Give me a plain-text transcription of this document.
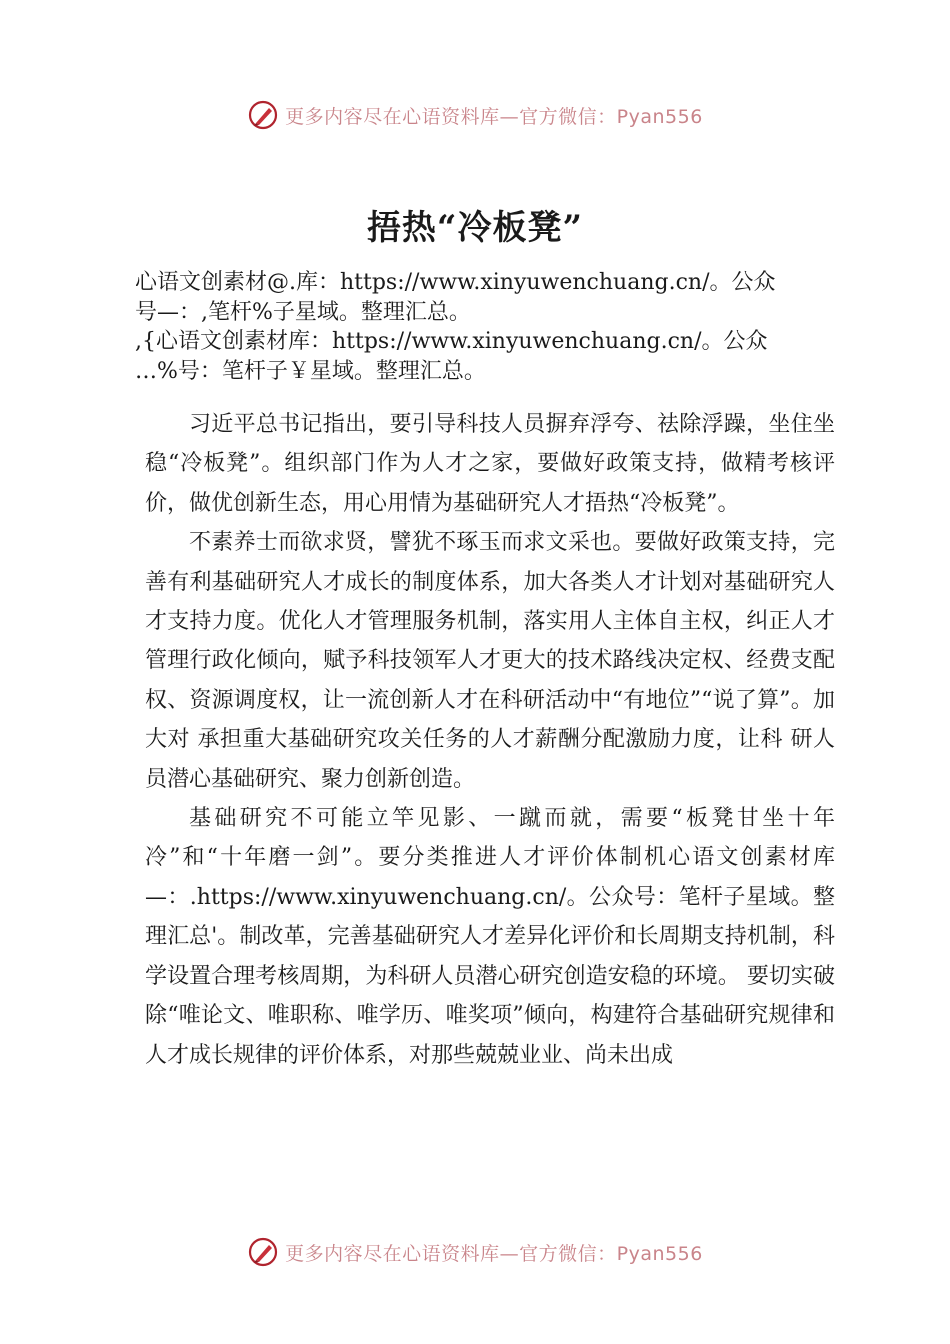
更多内容尽在心语资料库—官方微信：Pyan556
捂热“冷板凳”
心语文创素材@.库：https://www.xinyuwenchuang.cn/。公众
号—：,笔杆%子星域。整理汇总。
,{心语文创素材库：https://www.xinyuwenchuang.cn/。公众
…%号：笔杆子￥星域。整理汇总。

习近平总书记指出，要引导科技人员摒弃浮夸、祛除浮躁，坐住坐稳“冷板凳”。组织部门作为人才之家，要做好政策支持，做精考核评价，做优创新生态，用心用情为基础研究人才捂热“冷板凳”。

不素养士而欲求贤，譬犹不琢玉而求文采也。要做好政策支持，完善有利基础研究人才成长的制度体系，加大各类人才计划对基础研究人才支持力度。优化人才管理服务机制，落实用人主体自主权，纠正人才管理行政化倾向，赋予科技领军人才更大的技术路线决定权、经费支配权、资源调度权，让一流创新人才在科研活动中“有地位”“说了算”。加大对 承担重大基础研究攻关任务的人才薪酬分配激励力度，让科 研人员潜心基础研究、聚力创新创造。

基础研究不可能立竿见影、一蹴而就，需要“板凳甘坐十年冷”和“十年磨一剑”。要分类推进人才评价体制机心语文创素材库—：.https://www.xinyuwenchuang.cn/。公众号：笔杆子星域。整理汇总'。制改革，完善基础研究人才差异化评价和长周期支持机制，科学设置合理考核周期，为科研人员潜心研究创造安稳的环境。 要切实破除“唯论文、唯职称、唯学历、唯奖项”倾向，构建符合基础研究规律和人才成长规律的评价体系，对那些兢兢业业、尚未出成

更多内容尽在心语资料库—官方微信：Pyan556
